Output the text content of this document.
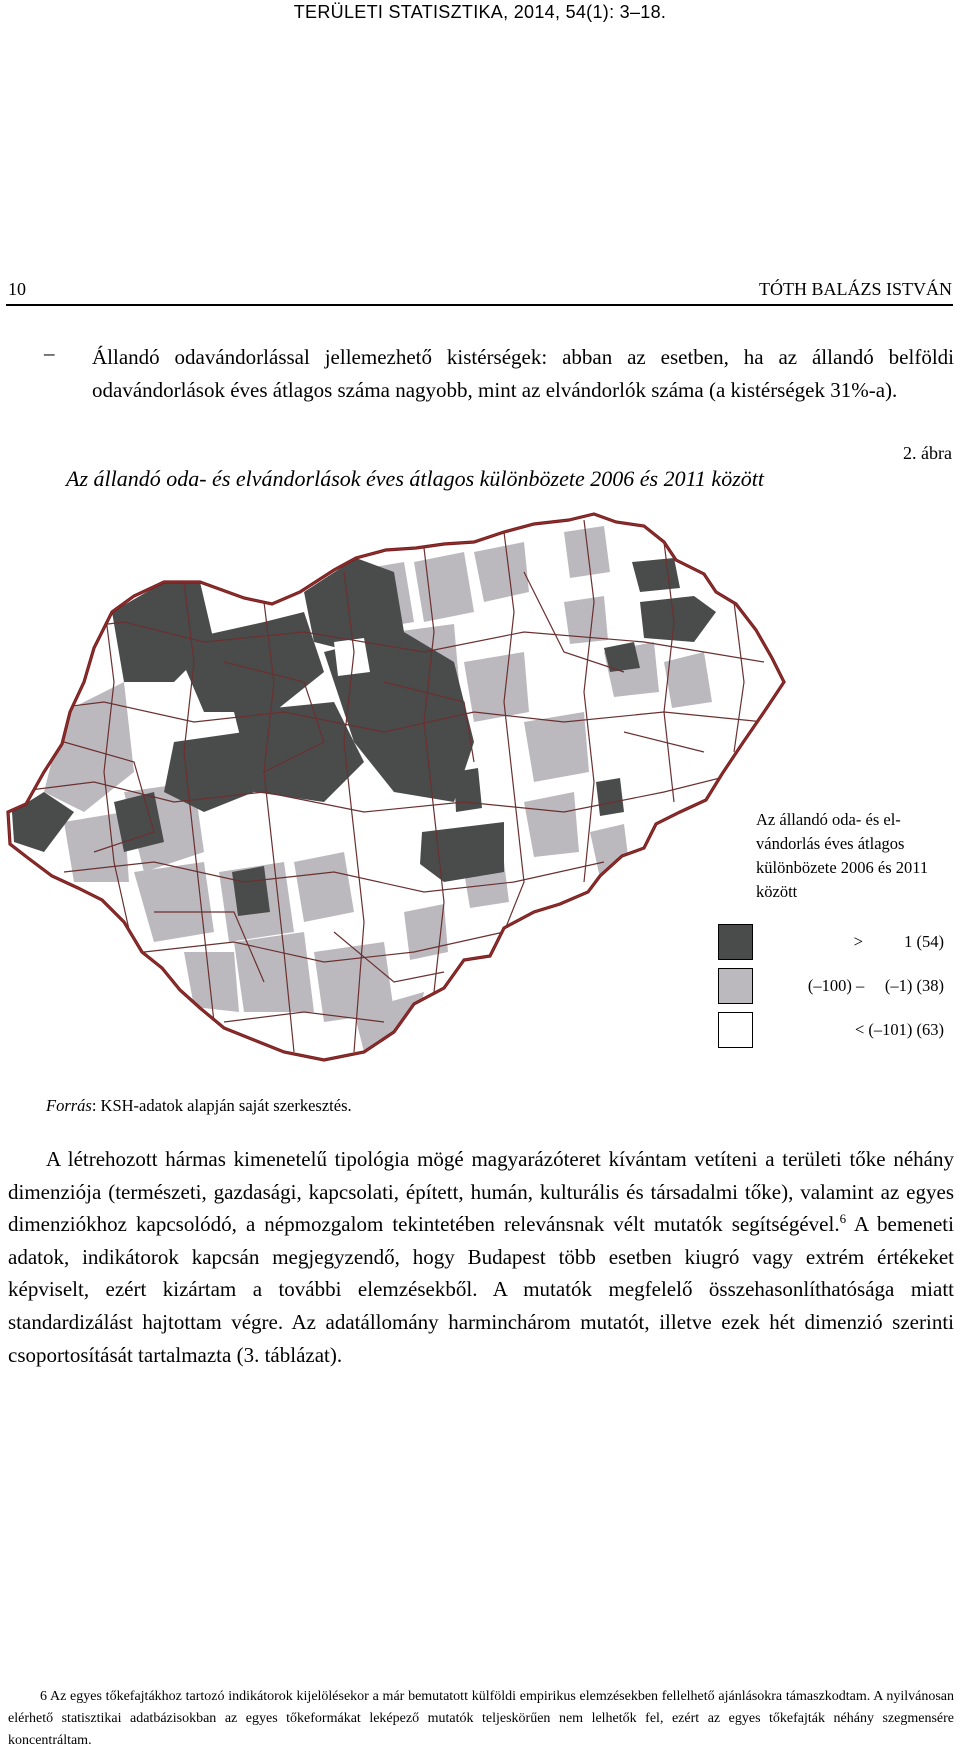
TERÜLETI STATISZTIKA, 2014, 54(1): 3–18.
10	TÓTH BALÁZS ISTVÁN
– Állandó odavándorlással jellemezhető kistérségek: abban az esetben, ha az állandó belföldi odavándorlások éves átlagos száma nagyobb, mint az elvándorlók száma (a kistérségek 31%-a).
2. ábra
Az állandó oda- és elvándorlások éves átlagos különbözete 2006 és 2011 között
Az állandó oda- és el-vándorlás éves átlagos különbözete 2006 és 2011 között
>          1 (54)
(–100) –     (–1) (38)
< (–101) (63)
Forrás: KSH-adatok alapján saját szerkesztés.

A létrehozott hármas kimenetelű tipológia mögé magyarázóteret kívántam vetíteni a területi tőke néhány dimenziója (természeti, gazdasági, kapcsolati, épített, humán, kulturális és társadalmi tőke), valamint az egyes dimenziókhoz kapcsolódó, a népmozgalom tekintetében relevánsnak vélt mutatók segítségével.$^6$ A bemeneti adatok, indikátorok kapcsán megjegyzendő, hogy Budapest több esetben kiugró vagy extrém értékeket képviselt, ezért kizártam a további elemzésekből. A mutatók megfelelő összehasonlíthatósága miatt standardizálást hajtottam végre. Az adatállomány harminchárom mutatót, illetve ezek hét dimenzió szerinti csoportosítását tartalmazta (3. táblázat).

6 Az egyes tőkefajtákhoz tartozó indikátorok kijelölésekor a már bemutatott külföldi empirikus elemzésekben fellelhető ajánlásokra támaszkodtam. A nyilvánosan elérhető statisztikai adatbázisokban az egyes tőkeformákat leképező mutatók teljeskörűen nem lelhetők fel, ezért az egyes tőkefajták néhány szegmensére koncentráltam.
